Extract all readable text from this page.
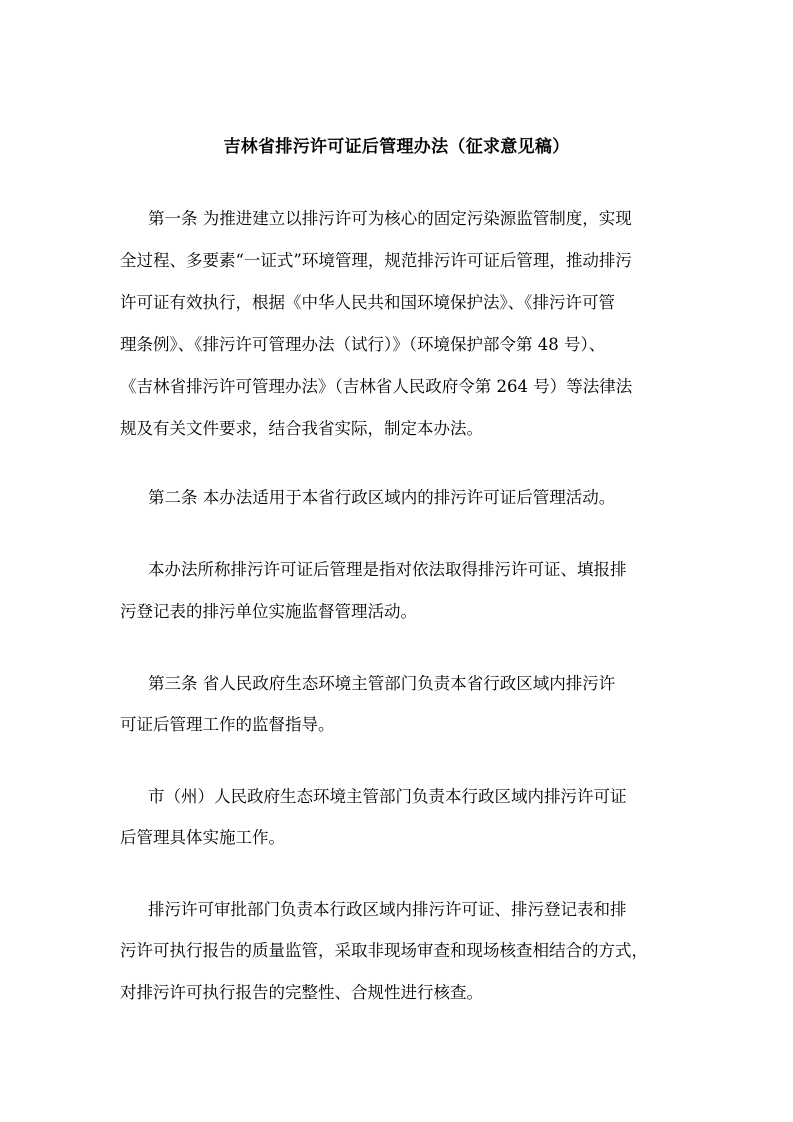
吉林省排污许可证后管理办法（征求意见稿）
第一条 为推进建立以排污许可为核心的固定污染源监管制度，实现
全过程、多要素“一证式”环境管理，规范排污许可证后管理，推动排污
许可证有效执行，根据《中华人民共和国环境保护法》、《排污许可管
理条例》、《排污许可管理办法（试行）》（环境保护部令第 48 号）、
《吉林省排污许可管理办法》（吉林省人民政府令第 264 号）等法律法
规及有关文件要求，结合我省实际，制定本办法。
第二条 本办法适用于本省行政区域内的排污许可证后管理活动。
本办法所称排污许可证后管理是指对依法取得排污许可证、填报排
污登记表的排污单位实施监督管理活动。
第三条 省人民政府生态环境主管部门负责本省行政区域内排污许
可证后管理工作的监督指导。
市（州）人民政府生态环境主管部门负责本行政区域内排污许可证
后管理具体实施工作。
排污许可审批部门负责本行政区域内排污许可证、排污登记表和排
污许可执行报告的质量监管，采取非现场审查和现场核查相结合的方式，
对排污许可执行报告的完整性、合规性进行核查。
